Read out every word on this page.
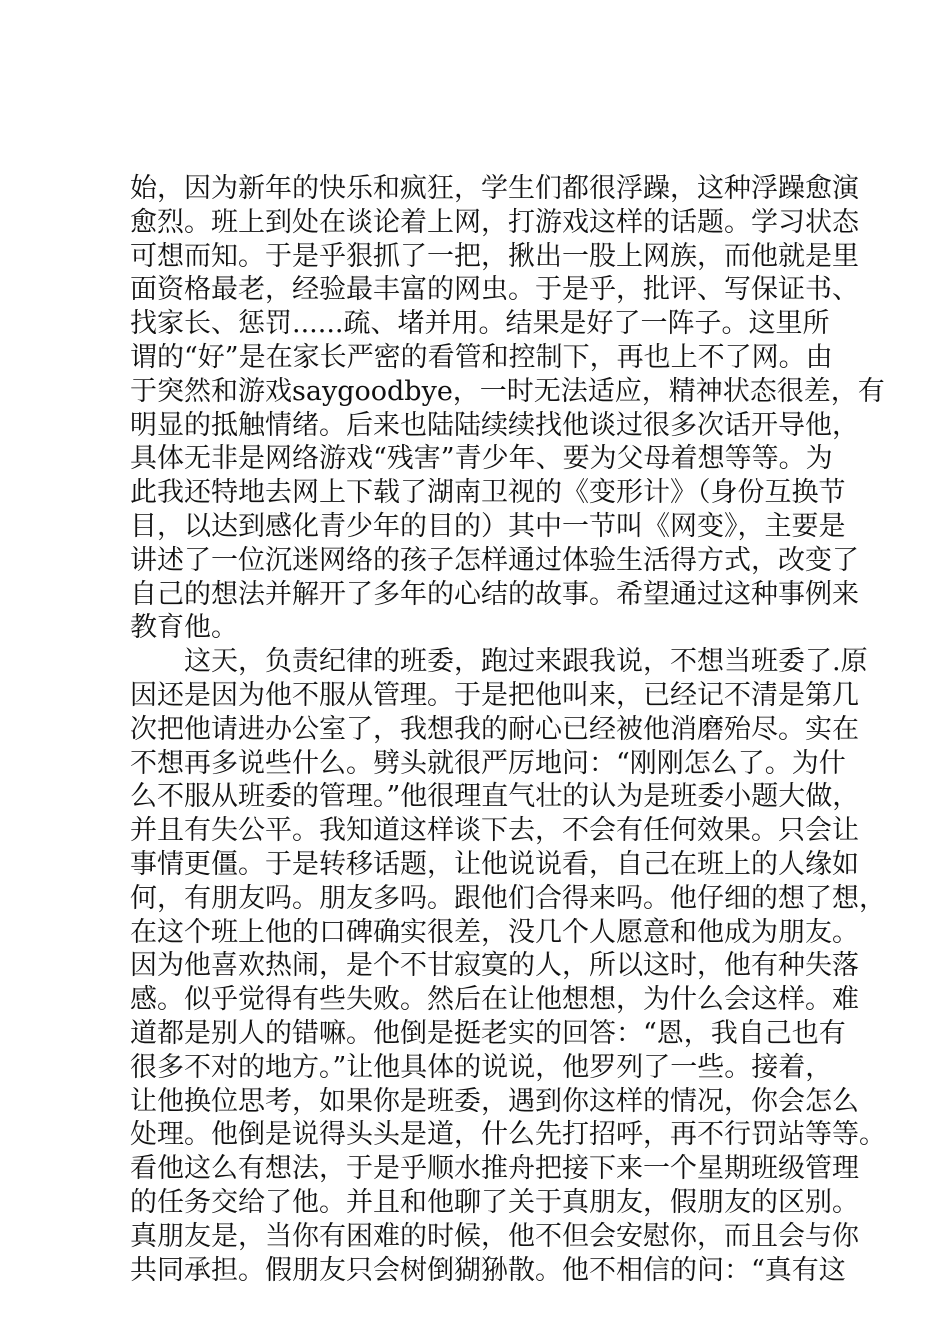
始，因为新年的快乐和疯狂，学生们都很浮躁，这种浮躁愈演
愈烈。班上到处在谈论着上网，打游戏这样的话题。学习状态
可想而知。于是乎狠抓了一把，揪出一股上网族，而他就是里
面资格最老，经验最丰富的网虫。于是乎，批评、写保证书、
找家长、惩罚......疏、堵并用。结果是好了一阵子。这里所
谓的“好”是在家长严密的看管和控制下，再也上不了网。由
于突然和游戏saygoodbye，一时无法适应，精神状态很差，有
明显的抵触情绪。后来也陆陆续续找他谈过很多次话开导他，
具体无非是网络游戏“残害”青少年、要为父母着想等等。为
此我还特地去网上下载了湖南卫视的《变形计》（身份互换节
目，以达到感化青少年的目的）其中一节叫《网变》，主要是
讲述了一位沉迷网络的孩子怎样通过体验生活得方式，改变了
自己的想法并解开了多年的心结的故事。希望通过这种事例来
教育他。
这天，负责纪律的班委，跑过来跟我说，不想当班委了.原
因还是因为他不服从管理。于是把他叫来，已经记不清是第几
次把他请进办公室了，我想我的耐心已经被他消磨殆尽。实在
不想再多说些什么。劈头就很严厉地问：“刚刚怎么了。为什
么不服从班委的管理。”他很理直气壮的认为是班委小题大做，
并且有失公平。我知道这样谈下去，不会有任何效果。只会让
事情更僵。于是转移话题，让他说说看，自己在班上的人缘如
何，有朋友吗。朋友多吗。跟他们合得来吗。他仔细的想了想，
在这个班上他的口碑确实很差，没几个人愿意和他成为朋友。
因为他喜欢热闹，是个不甘寂寞的人，所以这时，他有种失落
感。似乎觉得有些失败。然后在让他想想，为什么会这样。难
道都是别人的错嘛。他倒是挺老实的回答：“恩，我自己也有
很多不对的地方。”让他具体的说说，他罗列了一些。接着，
让他换位思考，如果你是班委，遇到你这样的情况，你会怎么
处理。他倒是说得头头是道，什么先打招呼，再不行罚站等等。
看他这么有想法，于是乎顺水推舟把接下来一个星期班级管理
的任务交给了他。并且和他聊了关于真朋友，假朋友的区别。
真朋友是，当你有困难的时候，他不但会安慰你，而且会与你
共同承担。假朋友只会树倒猢狲散。他不相信的问：“真有这
